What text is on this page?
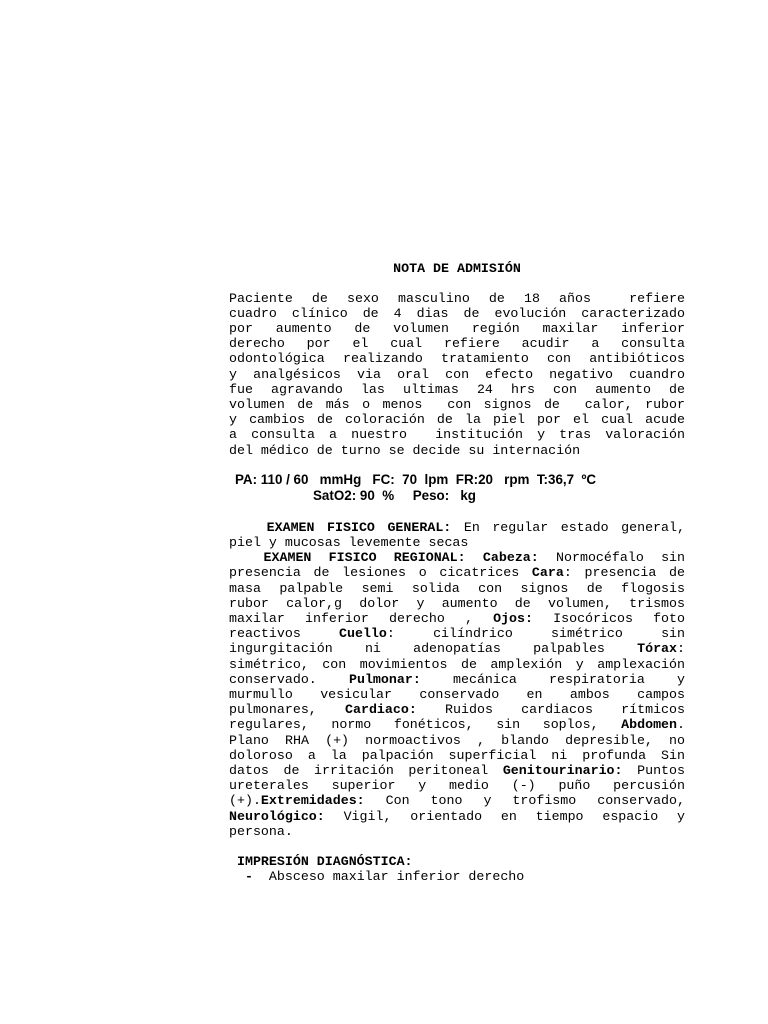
NOTA DE ADMISIÓN
Paciente de sexo masculino de 18 años  refiere
cuadro clínico de 4 dias de evolución caracterizado
por aumento de volumen región maxilar inferior
derecho por el cual refiere acudir a consulta
odontológica realizando tratamiento con antibióticos
y analgésicos via oral con efecto negativo cuandro
fue agravando las ultimas 24 hrs con aumento de
volumen de más o menos  con signos de  calor, rubor
y cambios de coloración de la piel por el cual acude
a consulta a nuestro  institución y tras valoración
del médico de turno se decide su internación
PA: 110 / 60   mmHg   FC:  70  lpm  FR:20   rpm  T:36,7  ºC
SatO2: 90  %     Peso:   kg
EXAMEN FISICO GENERAL: En regular estado general,
piel y mucosas levemente secas
EXAMEN FISICO REGIONAL: Cabeza: Normocéfalo sin
presencia de lesiones o cicatrices Cara: presencia de
masa palpable semi solida con signos de flogosis
rubor calor,g dolor y aumento de volumen, trismos
maxilar inferior derecho , Ojos: Isocóricos foto
reactivos Cuello: cilíndrico simétrico sin
ingurgitación ni adenopatías palpables Tórax:
simétrico, con movimientos de amplexión y amplexación
conservado. Pulmonar: mecánica respiratoria y
murmullo vesicular conservado en ambos campos
pulmonares, Cardiaco: Ruidos cardiacos rítmicos
regulares, normo fonéticos, sin soplos, Abdomen.
Plano RHA (+) normoactivos , blando depresible, no
doloroso a la palpación superficial ni profunda Sin
datos de irritación peritoneal Genitourinario: Puntos
ureterales superior y medio (-) puño percusión
(+).Extremidades: Con tono y trofismo conservado,
Neurológico: Vigil, orientado en tiempo espacio y
persona.
IMPRESIÓN DIAGNÓSTICA:
- Absceso maxilar inferior derecho
